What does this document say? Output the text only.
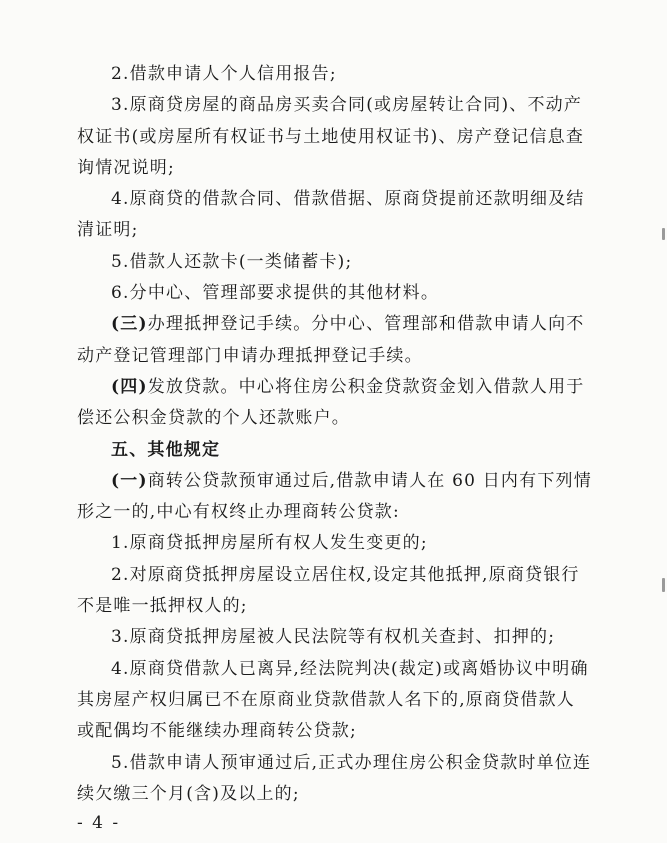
2.借款申请人个人信用报告;

3.原商贷房屋的商品房买卖合同(或房屋转让合同)、不动产权证书(或房屋所有权证书与土地使用权证书)、房产登记信息查询情况说明;

4.原商贷的借款合同、借款借据、原商贷提前还款明细及结清证明;

5.借款人还款卡(一类储蓄卡);

6.分中心、管理部要求提供的其他材料。

(三)办理抵押登记手续。分中心、管理部和借款申请人向不动产登记管理部门申请办理抵押登记手续。

(四)发放贷款。中心将住房公积金贷款资金划入借款人用于偿还公积金贷款的个人还款账户。

五、其他规定

(一)商转公贷款预审通过后,借款申请人在 60 日内有下列情形之一的,中心有权终止办理商转公贷款:

1.原商贷抵押房屋所有权人发生变更的;

2.对原商贷抵押房屋设立居住权,设定其他抵押,原商贷银行不是唯一抵押权人的;

3.原商贷抵押房屋被人民法院等有权机关查封、扣押的;

4.原商贷借款人已离异,经法院判决(裁定)或离婚协议中明确其房屋产权归属已不在原商业贷款借款人名下的,原商贷借款人或配偶均不能继续办理商转公贷款;

5.借款申请人预审通过后,正式办理住房公积金贷款时单位连续欠缴三个月(含)及以上的;

- 4 -
